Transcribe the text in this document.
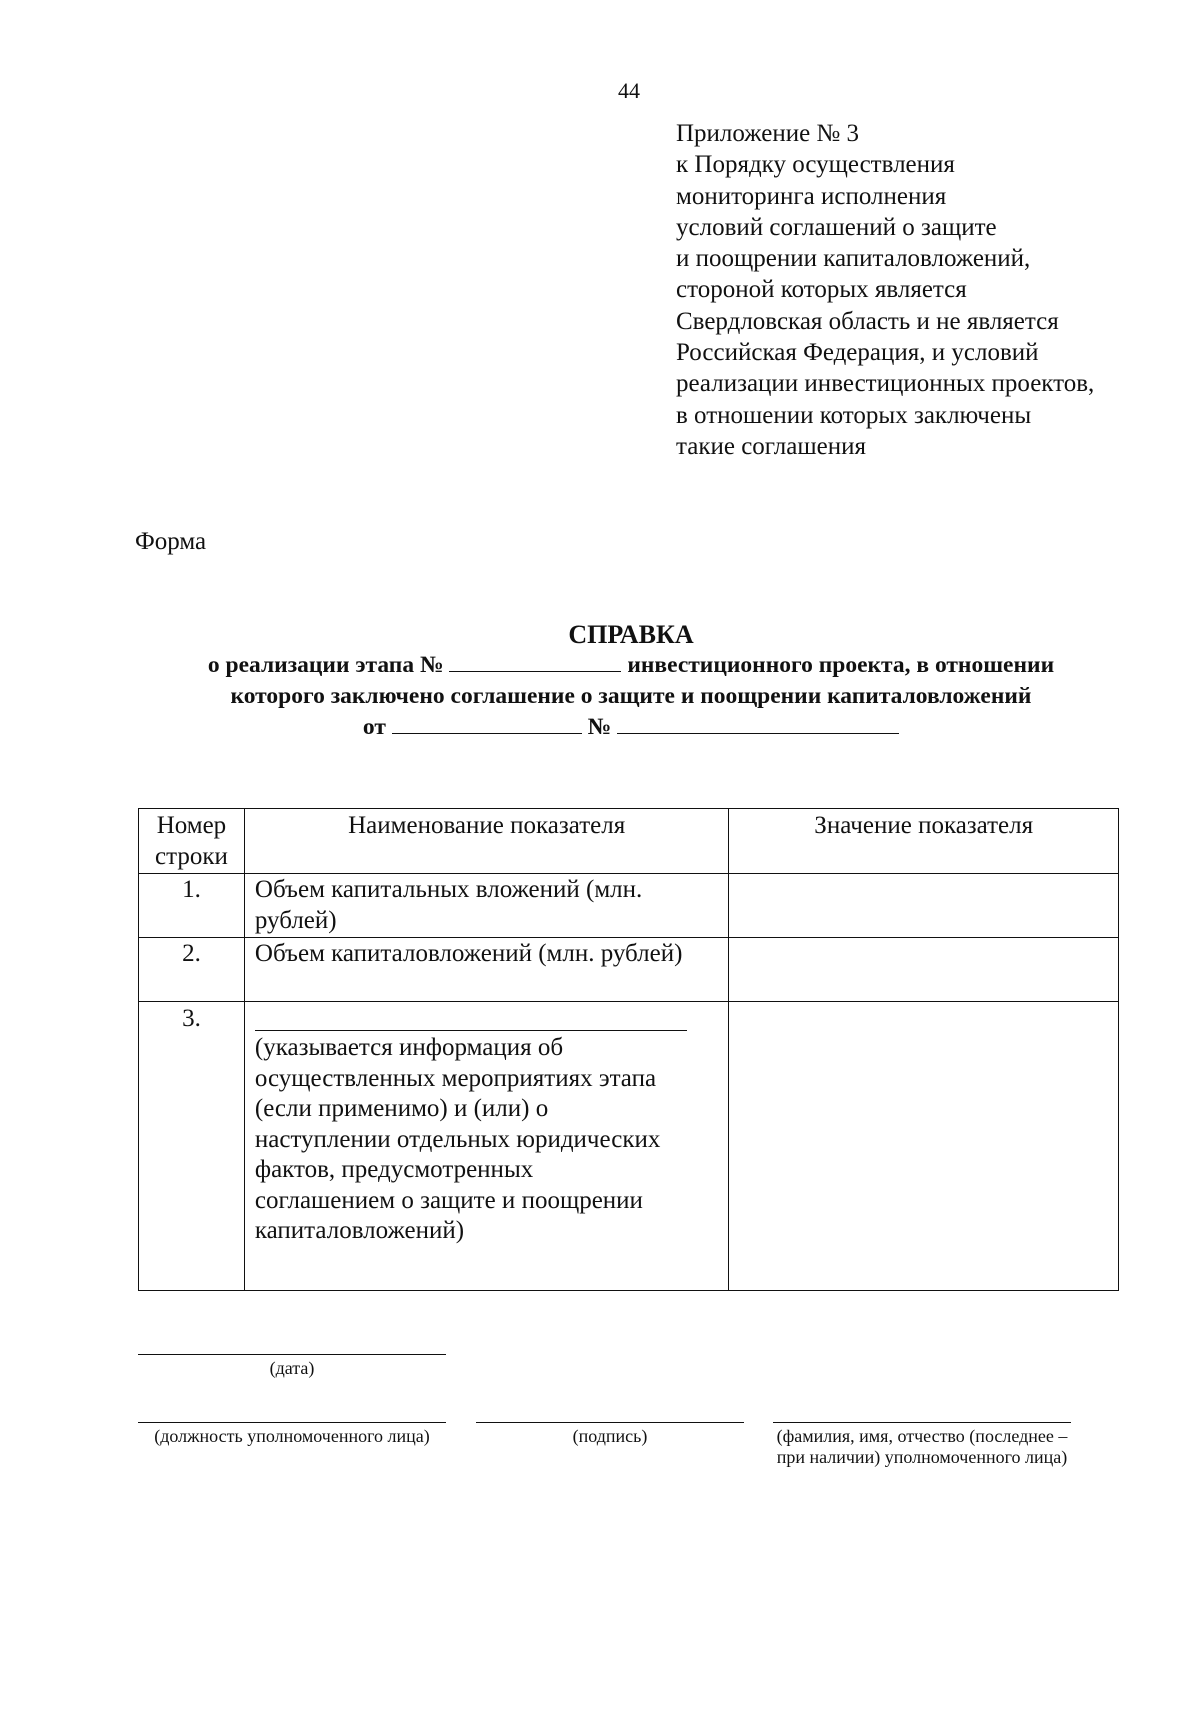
44
Приложение № 3
к Порядку осуществления
мониторинга исполнения
условий соглашений о защите
и поощрении капиталовложений,
стороной которых является
Свердловская область и не является
Российская Федерация, и условий
реализации инвестиционных проектов,
в отношении которых заключены
такие соглашения
Форма
СПРАВКА
о реализации этапа №	инвестиционного проекта, в отношении
которого заключено соглашение о защите и поощрении капиталовложений
от	№
Номер строки	Наименование показателя	Значение показателя
1.	Объем капитальных вложений (млн. рублей)	
2.	Объем капиталовложений (млн. рублей)	
3.	(указывается информация об осуществленных мероприятиях этапа (если применимо) и (или) о наступлении отдельных юридических фактов, предусмотренных соглашением о защите и поощрении капиталовложений)	

(дата)
(должность уполномоченного лица)	(подпись)	(фамилия, имя, отчество (последнее – при наличии) уполномоченного лица)
